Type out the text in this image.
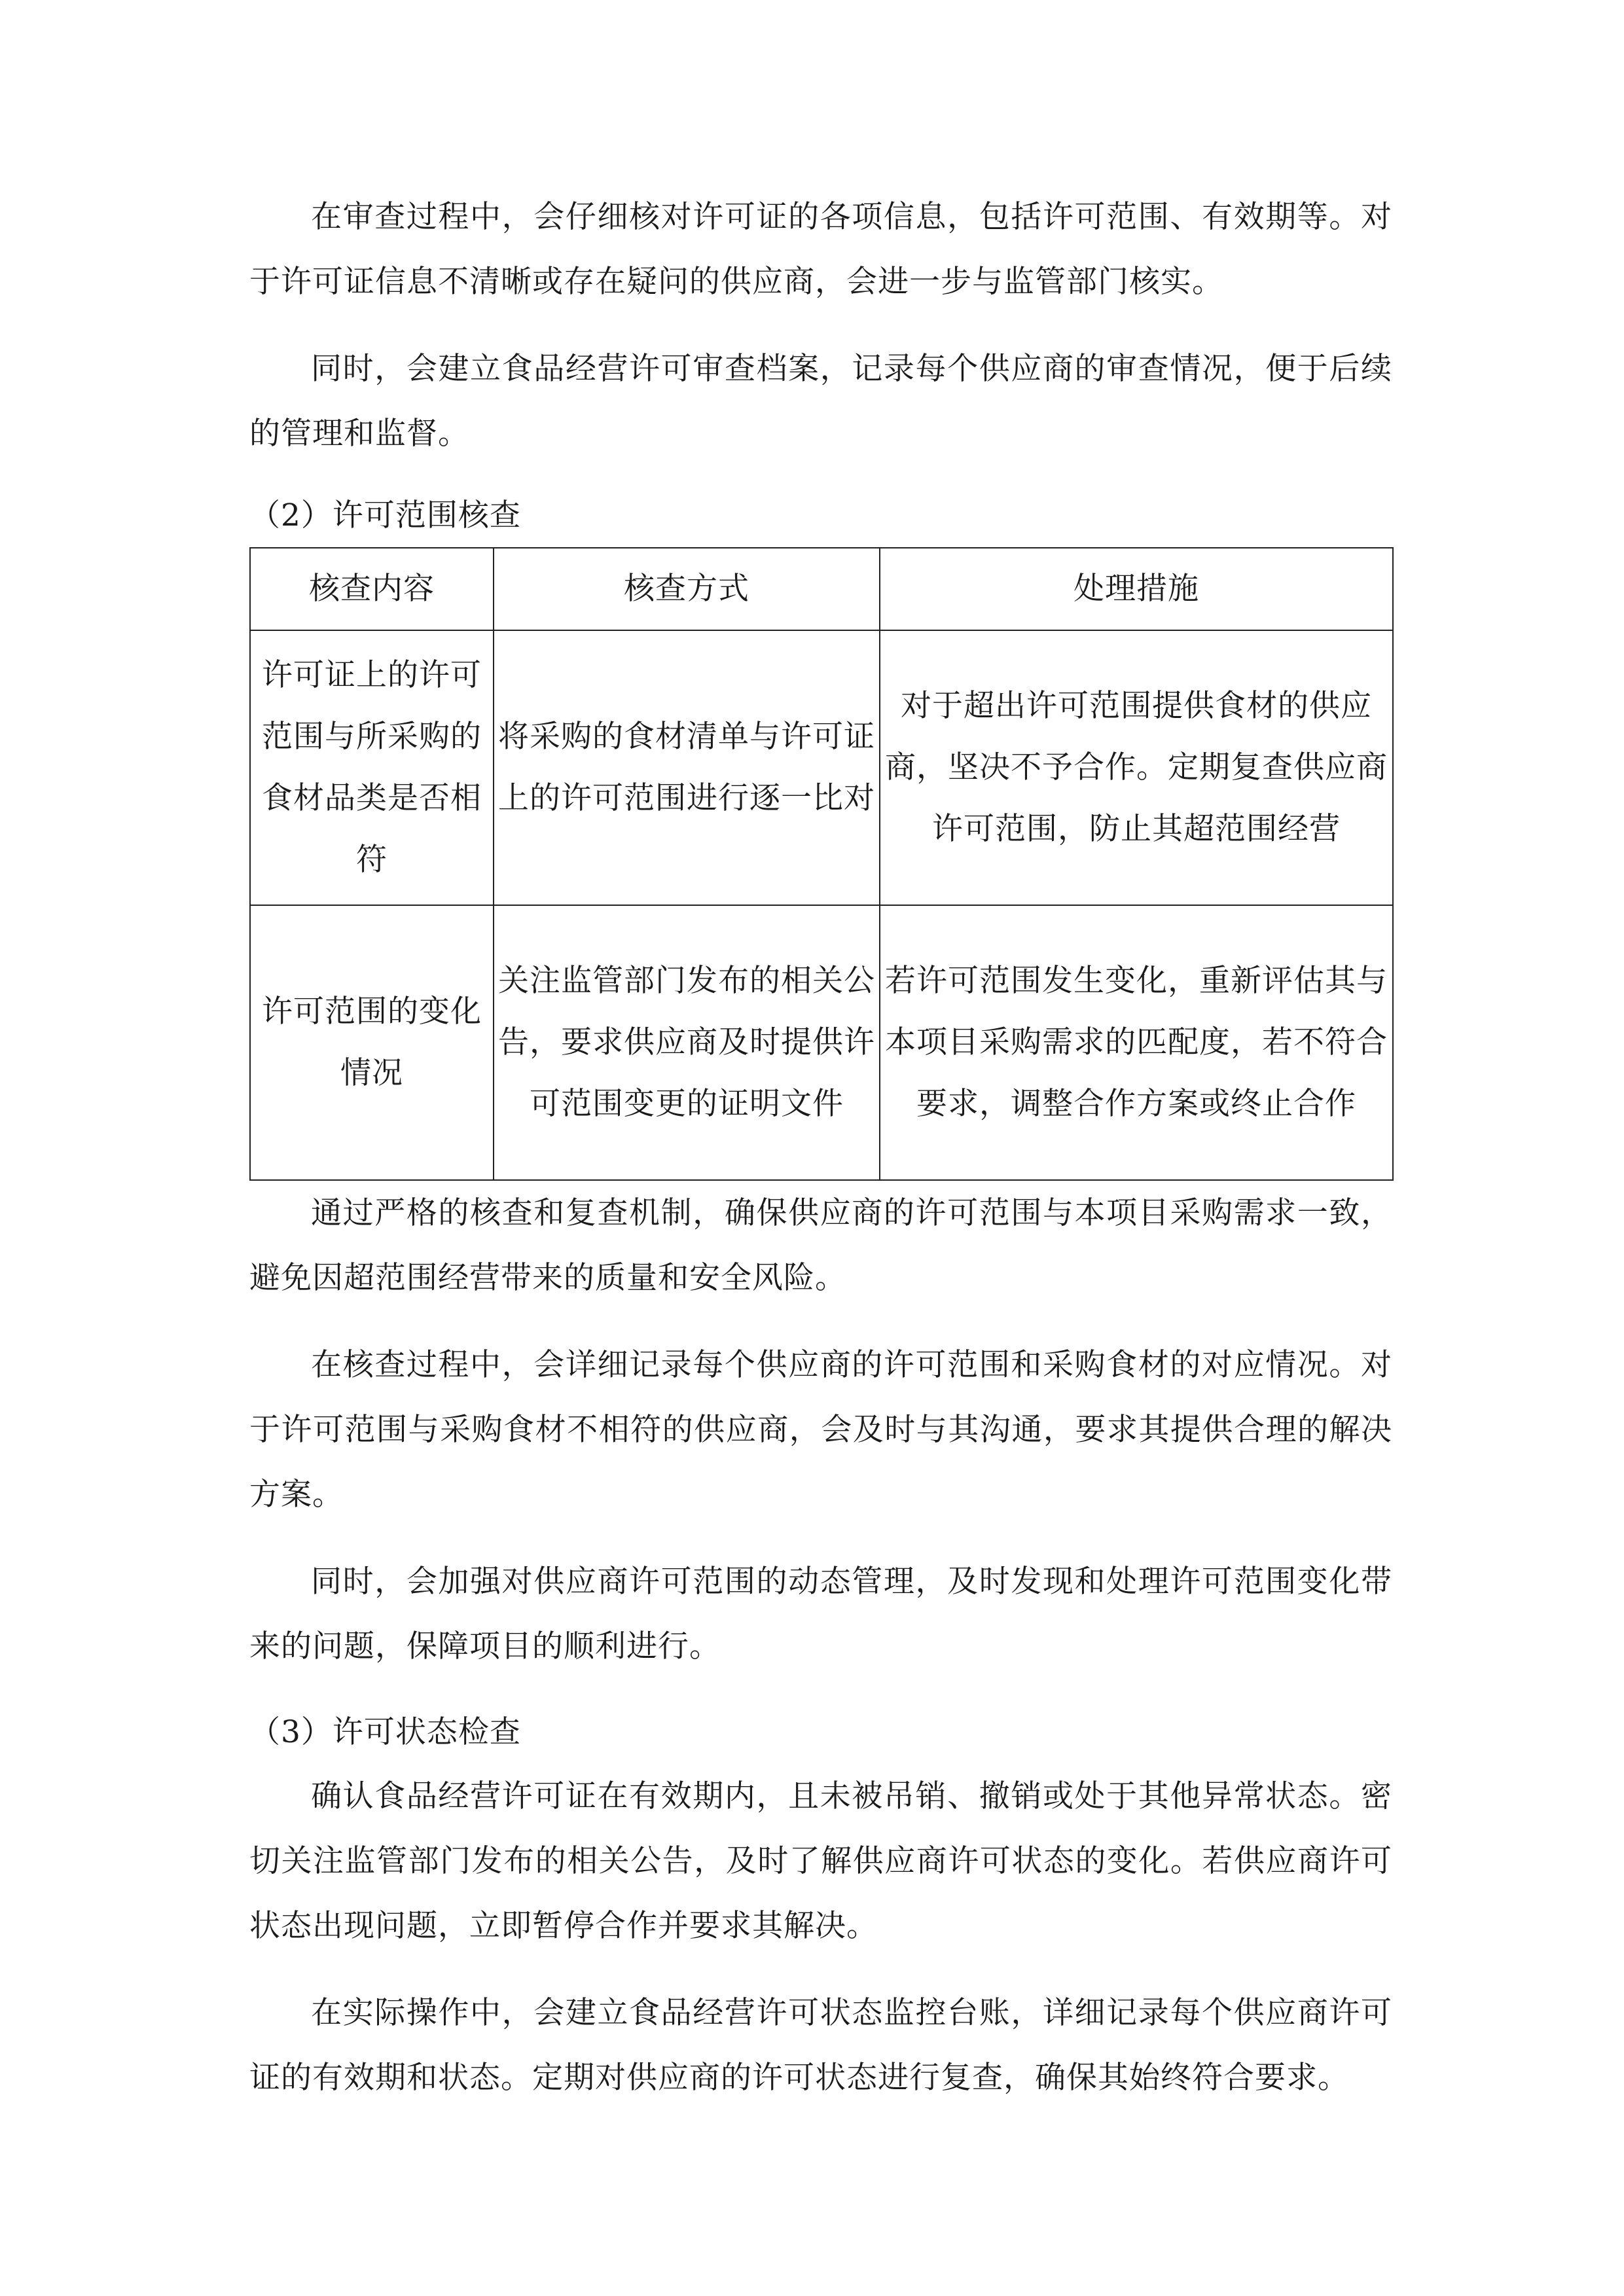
在审查过程中，会仔细核对许可证的各项信息，包括许可范围、有效期等。对于许可证信息不清晰或存在疑问的供应商，会进一步与监管部门核实。

同时，会建立食品经营许可审查档案，记录每个供应商的审查情况，便于后续的管理和监督。

（2）许可范围核查

核查内容	核查方式	处理措施
许可证上的许可范围与所采购的食材品类是否相符	将采购的食材清单与许可证上的许可范围进行逐一比对	对于超出许可范围提供食材的供应商，坚决不予合作。定期复查供应商许可范围，防止其超范围经营
许可范围的变化情况	关注监管部门发布的相关公告，要求供应商及时提供许可范围变更的证明文件	若许可范围发生变化，重新评估其与本项目采购需求的匹配度，若不符合要求，调整合作方案或终止合作

通过严格的核查和复查机制，确保供应商的许可范围与本项目采购需求一致，避免因超范围经营带来的质量和安全风险。

在核查过程中，会详细记录每个供应商的许可范围和采购食材的对应情况。对于许可范围与采购食材不相符的供应商，会及时与其沟通，要求其提供合理的解决方案。

同时，会加强对供应商许可范围的动态管理，及时发现和处理许可范围变化带来的问题，保障项目的顺利进行。

（3）许可状态检查

确认食品经营许可证在有效期内，且未被吊销、撤销或处于其他异常状态。密切关注监管部门发布的相关公告，及时了解供应商许可状态的变化。若供应商许可状态出现问题，立即暂停合作并要求其解决。

在实际操作中，会建立食品经营许可状态监控台账，详细记录每个供应商许可证的有效期和状态。定期对供应商的许可状态进行复查，确保其始终符合要求。
